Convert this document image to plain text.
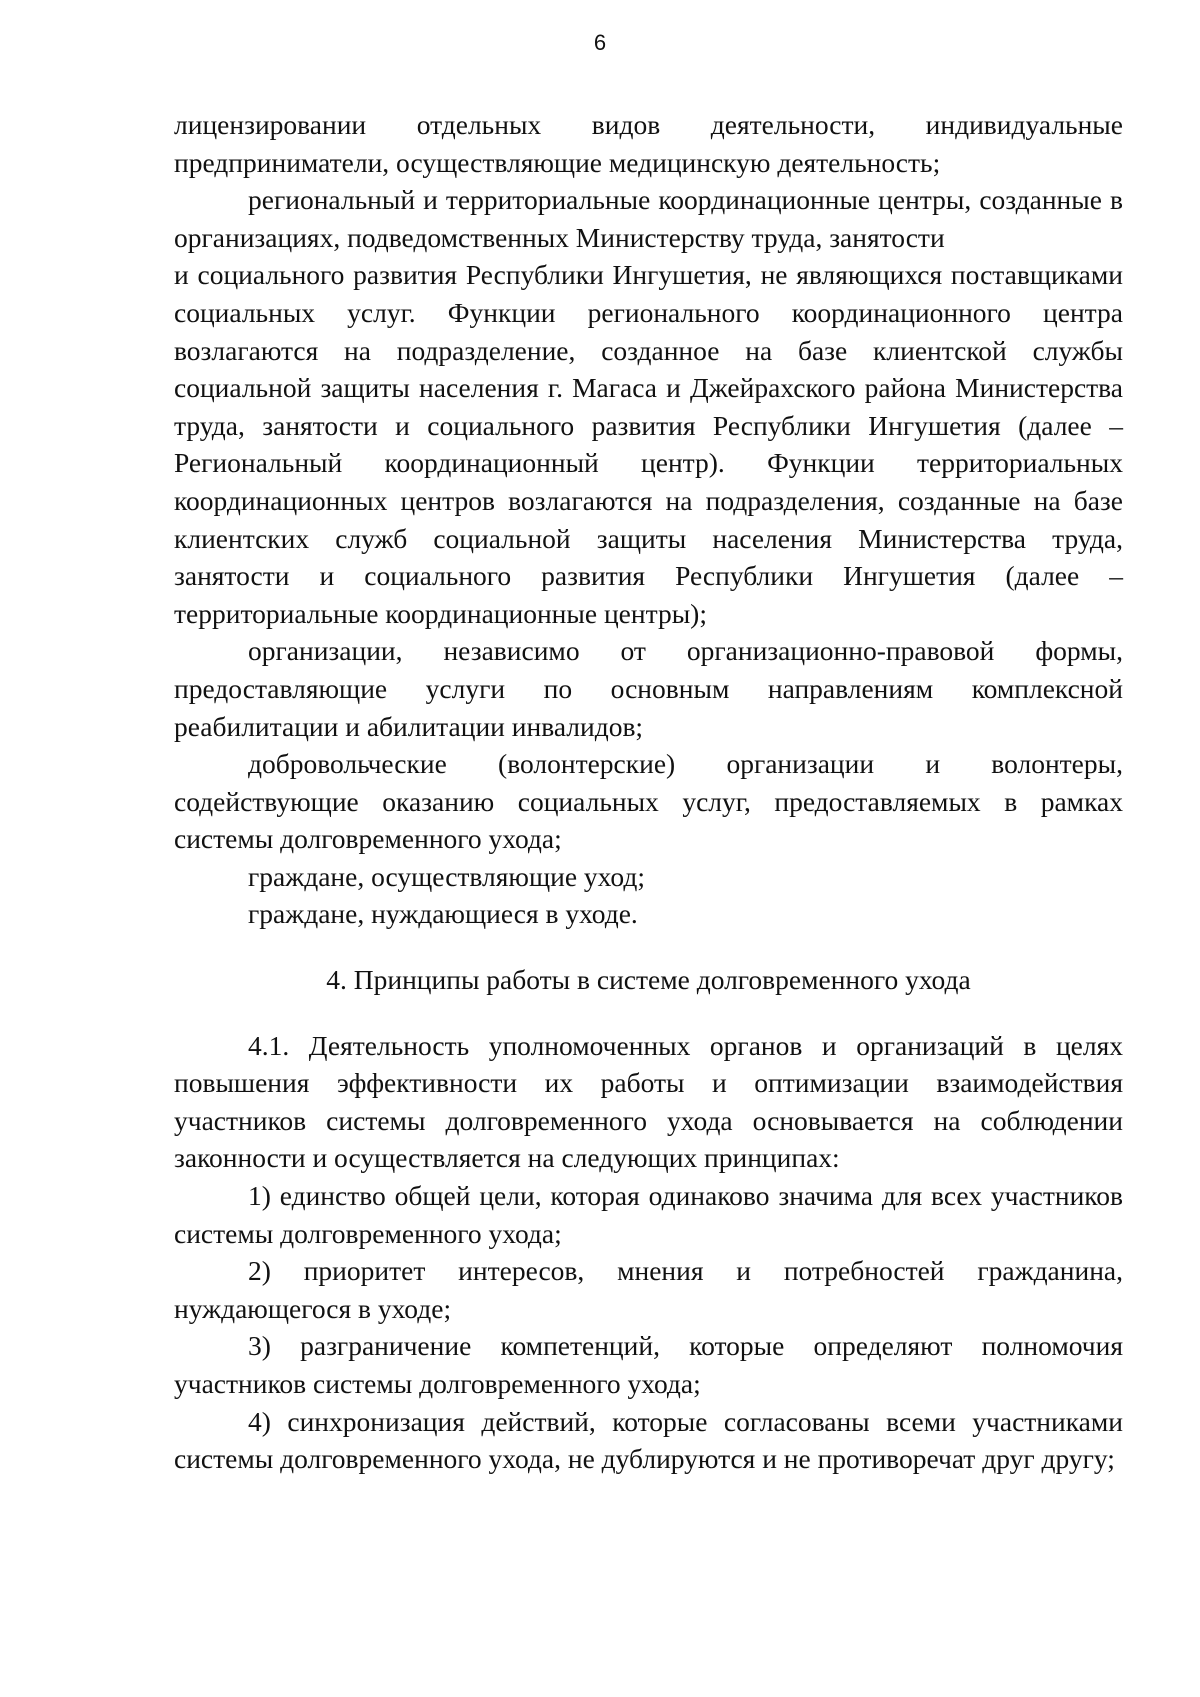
6

лицензировании отдельных видов деятельности, индивидуальные предприниматели, осуществляющие медицинскую деятельность;

региональный и территориальные координационные центры, созданные в организациях, подведомственных Министерству труда, занятости

и социального развития Республики Ингушетия, не являющихся поставщиками социальных услуг. Функции регионального координационного центра возлагаются на подразделение, созданное на базе клиентской службы социальной защиты населения г. Магаса и Джейрахского района Министерства труда, занятости и социального развития Республики Ингушетия (далее – Региональный координационный центр). Функции территориальных координационных центров возлагаются на подразделения, созданные на базе клиентских служб социальной защиты населения Министерства труда, занятости и социального развития Республики Ингушетия (далее – территориальные координационные центры);

организации, независимо от организационно-правовой формы, предоставляющие услуги по основным направлениям комплексной реабилитации и абилитации инвалидов;

добровольческие (волонтерские) организации и волонтеры, содействующие оказанию социальных услуг, предоставляемых в рамках системы долговременного ухода;

граждане, осуществляющие уход;

граждане, нуждающиеся в уходе.

4. Принципы работы в системе долговременного ухода

4.1. Деятельность уполномоченных органов и организаций в целях повышения эффективности их работы и оптимизации взаимодействия участников системы долговременного ухода основывается на соблюдении законности и осуществляется на следующих принципах:

1) единство общей цели, которая одинаково значима для всех участников системы долговременного ухода;

2) приоритет интересов, мнения и потребностей гражданина, нуждающегося в уходе;

3) разграничение компетенций, которые определяют полномочия участников системы долговременного ухода;

4) синхронизация действий, которые согласованы всеми участниками системы долговременного ухода, не дублируются и не противоречат друг другу;
